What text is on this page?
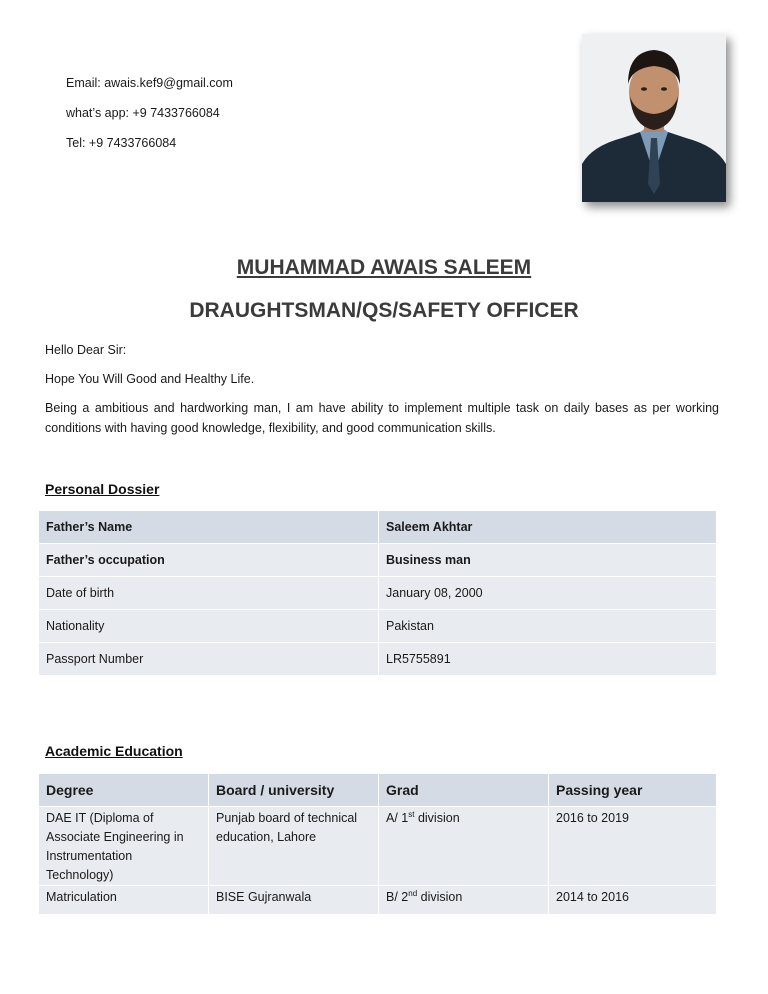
Email: awais.kef9@gmail.com
what’s app: +9 7433766084
Tel: +9 7433766084
MUHAMMAD AWAIS SALEEM
DRAUGHTSMAN/QS/SAFETY OFFICER
Hello Dear Sir:
Hope You Will Good and Healthy Life.
Being a ambitious and hardworking man, I am have ability to implement multiple task on daily bases as per working conditions with having good knowledge, flexibility, and good communication skills.
Personal Dossier
Father’s Name	Saleem Akhtar
Father’s occupation	Business man
Date of birth	January 08, 2000
Nationality	Pakistan
Passport Number	LR5755891
Academic Education
Degree	Board / university	Grad	Passing year
DAE IT (Diploma of Associate Engineering in Instrumentation Technology)	Punjab board of technical education, Lahore	A/ 1st division	2016 to 2019
Matriculation	BISE Gujranwala	B/ 2nd division	2014 to 2016
